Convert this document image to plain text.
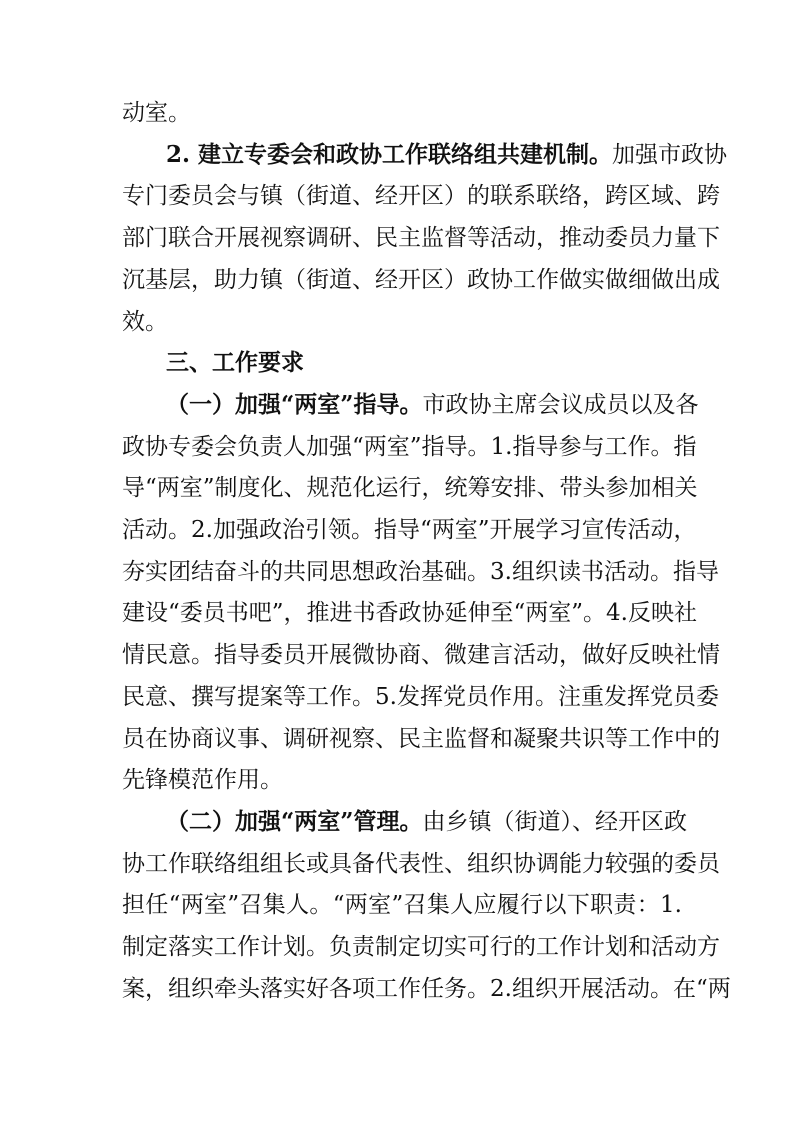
动室。
2. 建立专委会和政协工作联络组共建机制。加强市政协
专门委员会与镇（街道、经开区）的联系联络，跨区域、跨
部门联合开展视察调研、民主监督等活动，推动委员力量下
沉基层，助力镇（街道、经开区）政协工作做实做细做出成
效。
三、工作要求
（一）加强“两室”指导。市政协主席会议成员以及各
政协专委会负责人加强“两室”指导。1.指导参与工作。指
导“两室”制度化、规范化运行，统筹安排、带头参加相关
活动。2.加强政治引领。指导“两室”开展学习宣传活动，
夯实团结奋斗的共同思想政治基础。3.组织读书活动。指导
建设“委员书吧”，推进书香政协延伸至“两室”。4.反映社
情民意。指导委员开展微协商、微建言活动，做好反映社情
民意、撰写提案等工作。5.发挥党员作用。注重发挥党员委
员在协商议事、调研视察、民主监督和凝聚共识等工作中的
先锋模范作用。
（二）加强“两室”管理。由乡镇（街道）、经开区政
协工作联络组组长或具备代表性、组织协调能力较强的委员
担任“两室”召集人。“两室”召集人应履行以下职责：1.
制定落实工作计划。负责制定切实可行的工作计划和活动方
案，组织牵头落实好各项工作任务。2.组织开展活动。在“两
